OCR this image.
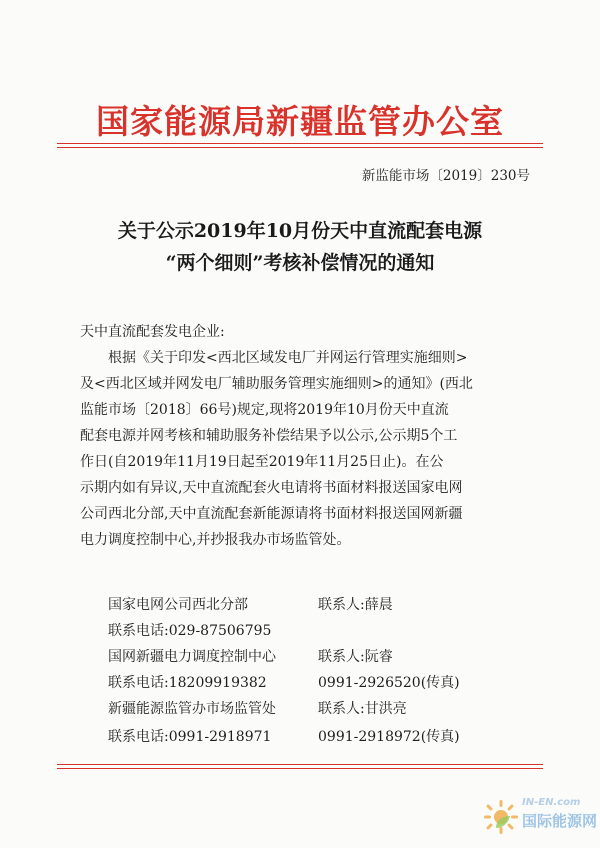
国家能源局新疆监管办公室
新监能市场〔2019〕230号
关于公示2019年10月份天中直流配套电源
“两个细则”考核补偿情况的通知
天中直流配套发电企业:
根据《关于印发<西北区域发电厂并网运行管理实施细则>
及<西北区域并网发电厂辅助服务管理实施细则>的通知》(西北
监能市场〔2018〕66号)规定,现将2019年10月份天中直流
配套电源并网考核和辅助服务补偿结果予以公示,公示期5个工
作日(自2019年11月19日起至2019年11月25日止)。在公
示期内如有异议,天中直流配套火电请将书面材料报送国家电网
公司西北分部,天中直流配套新能源请将书面材料报送国网新疆
电力调度控制中心,并抄报我办市场监管处。
国家电网公司西北分部	联系人:薛晨
联系电话:029-87506795
国网新疆电力调度控制中心	联系人:阮睿
联系电话:18209919382	0991-2926520(传真)
新疆能源监管办市场监管处	联系人:甘洪亮
联系电话:0991-2918971	0991-2918972(传真)
IN-EN.com
国际能源网
